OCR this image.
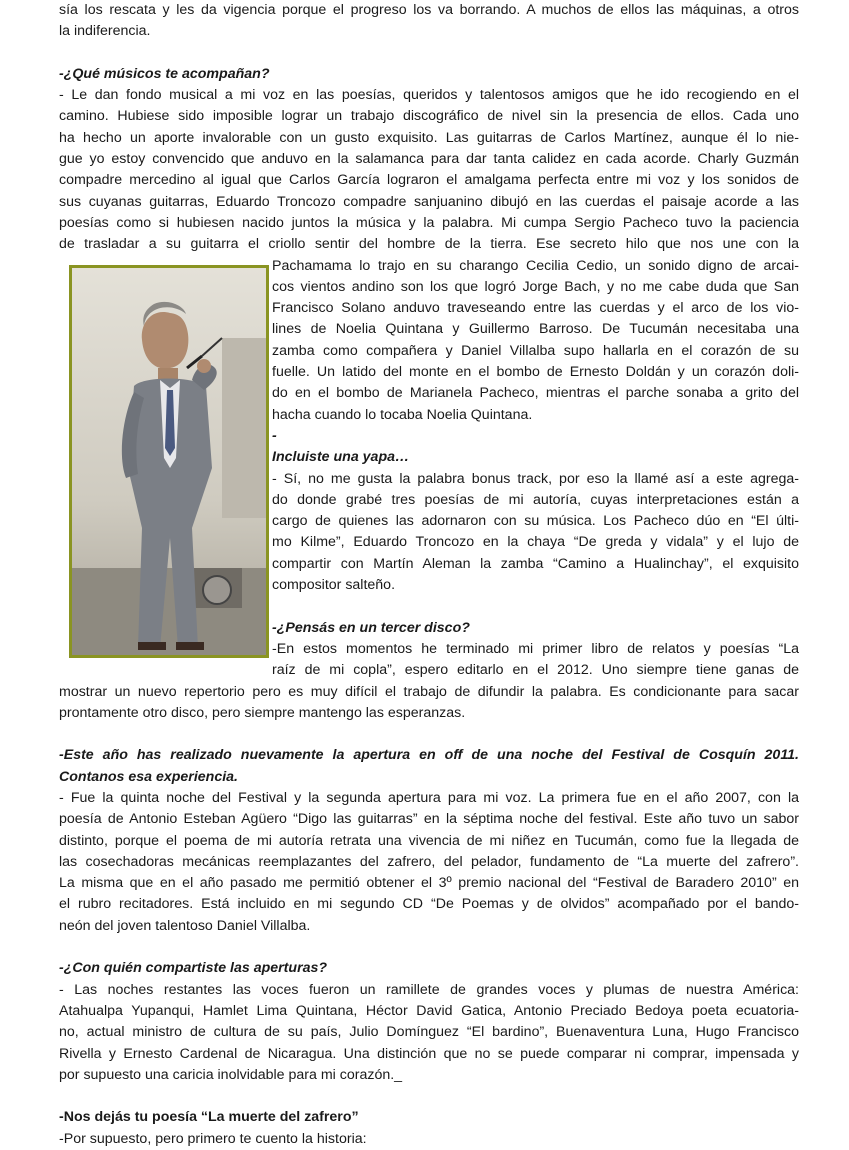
sía los rescata y les da vigencia porque el progreso los va borrando. A muchos de ellos las máquinas, a otros
la indiferencia.
-¿Qué músicos te acompañan?
- Le dan fondo musical a mi voz en las poesías, queridos y talentosos amigos que he ido recogiendo en el
camino. Hubiese sido imposible lograr un trabajo discográfico de nivel sin la presencia de ellos. Cada uno
ha hecho un aporte invalorable con un gusto exquisito. Las guitarras de Carlos Martínez, aunque él lo nie-
gue yo estoy convencido que anduvo en la salamanca para dar tanta calidez en cada acorde. Charly Guzmán
compadre mercedino al igual que Carlos García lograron el amalgama perfecta entre mi voz y los sonidos de
sus cuyanas guitarras, Eduardo Troncozo compadre sanjuanino dibujó en las cuerdas el paisaje acorde a las
poesías como si hubiesen nacido juntos la música y la palabra. Mi cumpa Sergio Pacheco tuvo la paciencia
de trasladar a su guitarra el criollo sentir del hombre de la tierra. Ese secreto hilo que nos une con la
Pachamama lo trajo en su charango Cecilia Cedio, un sonido digno de arcai-
cos vientos andino son los que logró Jorge Bach, y no me cabe duda que San
Francisco Solano anduvo traveseando entre las cuerdas y el arco de los vio-
lines de Noelia Quintana y Guillermo Barroso. De Tucumán necesitaba una
zamba como compañera y Daniel Villalba supo hallarla en el corazón de su
fuelle. Un latido del monte en el bombo de Ernesto Doldán y un corazón doli-
do en el bombo de Marianela Pacheco, mientras el parche sonaba a grito del
hacha cuando lo tocaba Noelia Quintana.
-
Incluiste una yapa…
- Sí, no me gusta la palabra bonus track, por eso la llamé así a este agrega-
do donde grabé tres poesías de mi autoría, cuyas interpretaciones están a
cargo de quienes las adornaron con su música. Los Pacheco dúo en “El últi-
mo Kilme”, Eduardo Troncozo en la chaya “De greda y vidala” y el lujo de
compartir con Martín Aleman la zamba “Camino a Hualinchay”, el exquisito
compositor salteño.
-¿Pensás en un tercer disco?
-En estos momentos he terminado mi primer libro de relatos y poesías “La
raíz de mi copla”, espero editarlo en el 2012. Uno siempre tiene ganas de
mostrar un nuevo repertorio pero es muy difícil el trabajo de difundir la palabra. Es condicionante para sacar
prontamente otro disco, pero siempre mantengo las esperanzas.
-Este año has realizado nuevamente la apertura en off de una noche del Festival de Cosquín 2011.
Contanos esa experiencia.
- Fue la quinta noche del Festival y la segunda apertura para mi voz. La primera fue en el año 2007, con la
poesía de Antonio Esteban Agüero “Digo las guitarras” en la séptima noche del festival. Este año tuvo un sabor
distinto, porque el poema de mi autoría retrata una vivencia de mi niñez en Tucumán, como fue la llegada de
las cosechadoras mecánicas reemplazantes del zafrero, del pelador, fundamento de “La muerte del zafrero”.
La misma que en el año pasado me permitió obtener el 3º premio nacional del “Festival de Baradero 2010” en
el rubro recitadores. Está incluido en mi segundo CD “De Poemas y de olvidos” acompañado por el bando-
neón del joven talentoso Daniel Villalba.
-¿Con quién compartiste las aperturas?
- Las noches restantes las voces fueron un ramillete de grandes voces y plumas de nuestra América:
Atahualpa Yupanqui, Hamlet Lima Quintana, Héctor David Gatica, Antonio Preciado Bedoya poeta ecuatoria-
no, actual ministro de cultura de su país, Julio Domínguez “El bardino”, Buenaventura Luna, Hugo Francisco
Rivella y Ernesto Cardenal de Nicaragua. Una distinción que no se puede comparar ni comprar, impensada y
por supuesto una caricia inolvidable para mi corazón._
-Nos dejás tu poesía “La muerte del zafrero”
-Por supuesto, pero primero te cuento la historia:
